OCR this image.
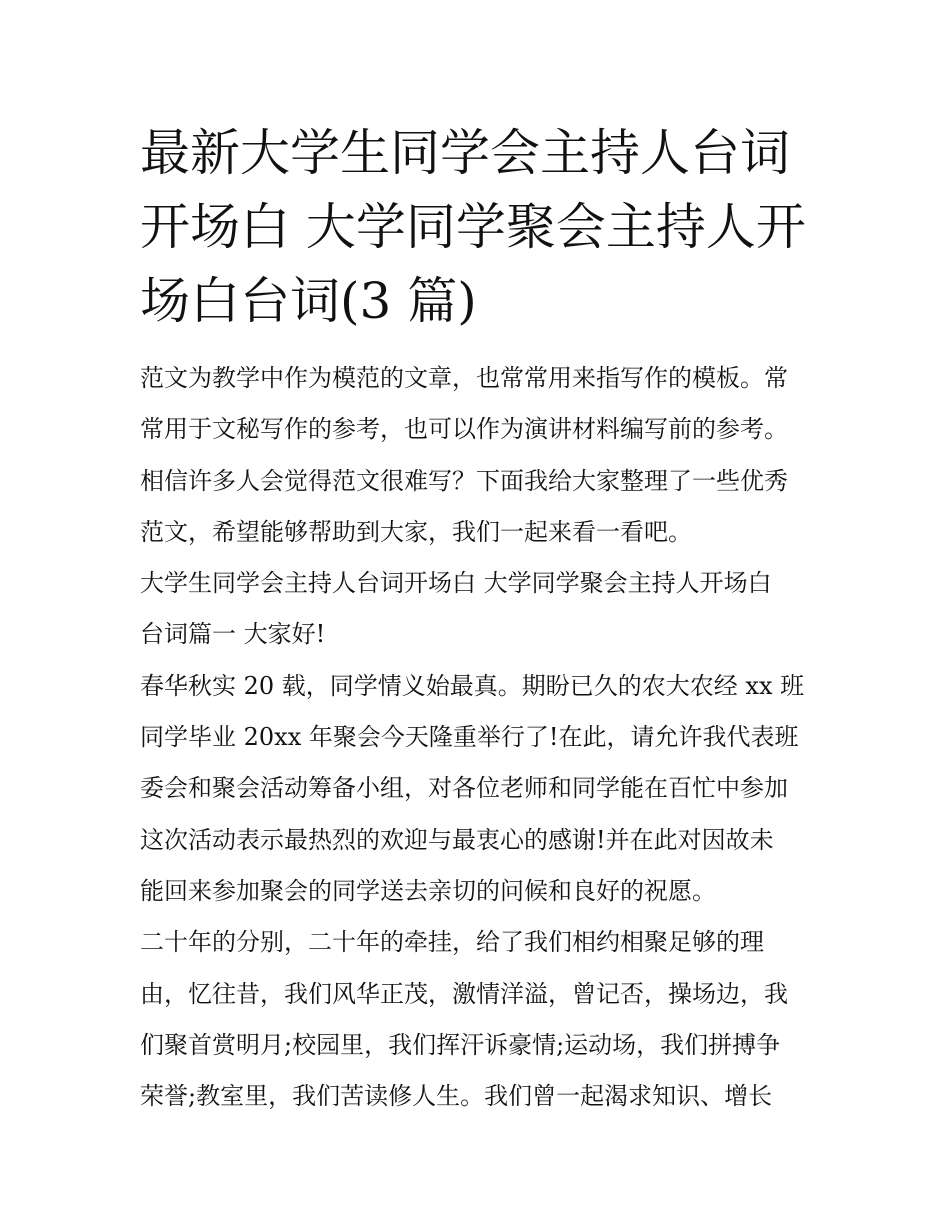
最新大学生同学会主持人台词
开场白 大学同学聚会主持人开
场白台词(3 篇)
范文为教学中作为模范的文章，也常常用来指写作的模板。常
常用于文秘写作的参考，也可以作为演讲材料编写前的参考。
相信许多人会觉得范文很难写？下面我给大家整理了一些优秀
范文，希望能够帮助到大家，我们一起来看一看吧。
大学生同学会主持人台词开场白 大学同学聚会主持人开场白
台词篇一 大家好!
春华秋实 20 载，同学情义始最真。期盼已久的农大农经 xx 班
同学毕业 20xx 年聚会今天隆重举行了!在此，请允许我代表班
委会和聚会活动筹备小组，对各位老师和同学能在百忙中参加
这次活动表示最热烈的欢迎与最衷心的感谢!并在此对因故未
能回来参加聚会的同学送去亲切的问候和良好的祝愿。
二十年的分别，二十年的牵挂，给了我们相约相聚足够的理
由，忆往昔，我们风华正茂，激情洋溢，曾记否，操场边，我
们聚首赏明月;校园里，我们挥汗诉豪情;运动场，我们拼搏争
荣誉;教室里，我们苦读修人生。我们曾一起渴求知识、增长
